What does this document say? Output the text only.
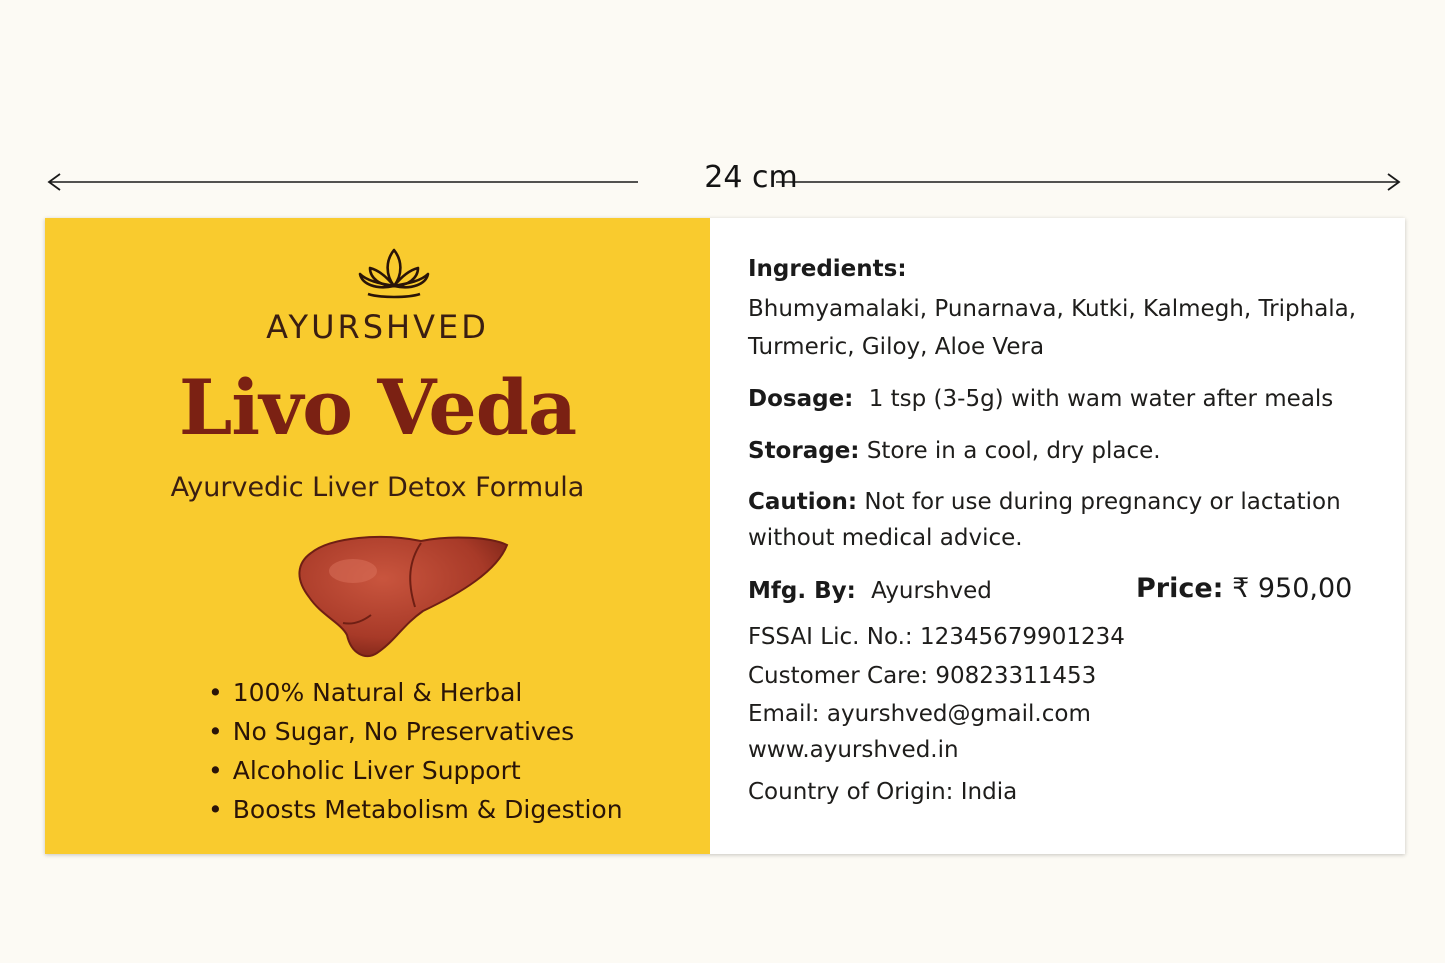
24 cm
AYURSHVED
Livo Veda
Ayurvedic Liver Detox Formula
• 100% Natural & Herbal
• No Sugar, No Preservatives
• Alcoholic Liver Support
• Boosts Metabolism & Digestion
Ingredients:
Bhumyamalaki, Punarnava, Kutki, Kalmegh, Triphala,
Turmeric, Giloy, Aloe Vera
Dosage: 1 tsp (3-5g) with wam water after meals
Storage: Store in a cool, dry place.
Caution: Not for use during pregnancy or lactation without medical advice.
Mfg. By: Ayurshved	Price: ₹ 950,00
FSSAI Lic. No.: 12345679901234
Customer Care: 90823311453
Email: ayurshved@gmail.com
www.ayurshved.in
Country of Origin: India
